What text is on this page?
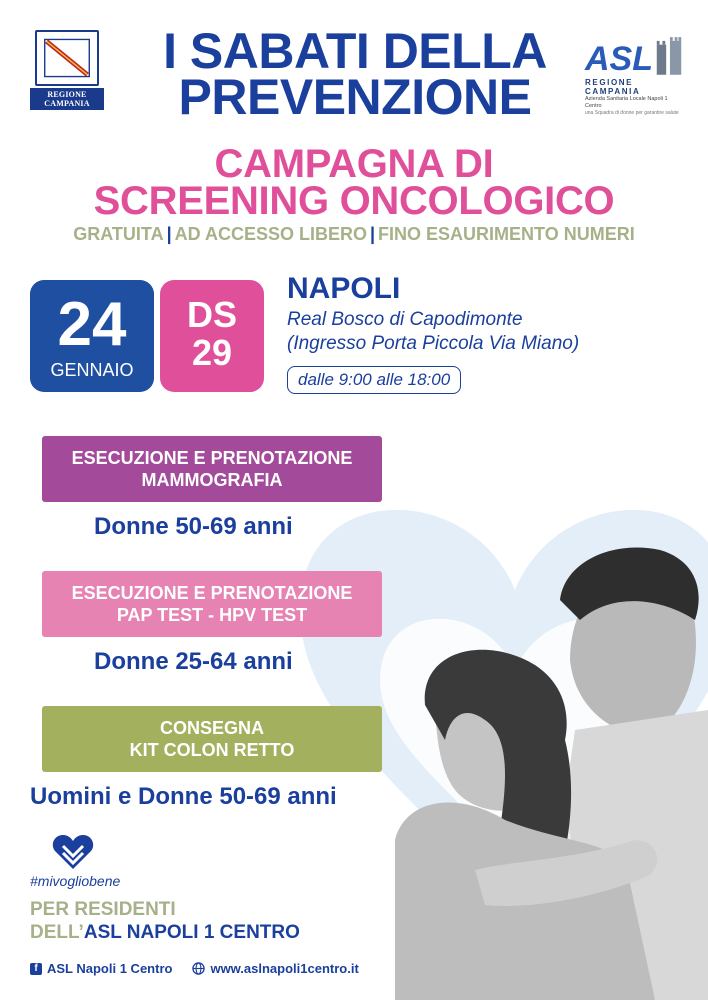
REGIONE CAMPANIA
ASL
REGIONE CAMPANIA
Azienda Sanitaria Locale Napoli 1 Centro
una Squadra di donne per garantire salute
I SABATI DELLA
PREVENZIONE
CAMPAGNA DI
SCREENING ONCOLOGICO
GRATUITA | AD ACCESSO LIBERO | FINO ESAURIMENTO NUMERI
24
GENNAIO
DS
29
NAPOLI
Real Bosco di Capodimonte
(Ingresso Porta Piccola Via Miano)
dalle 9:00 alle 18:00
ESECUZIONE E PRENOTAZIONE
MAMMOGRAFIA
Donne 50-69 anni
ESECUZIONE E PRENOTAZIONE
PAP TEST - HPV TEST
Donne 25-64 anni
CONSEGNA
KIT COLON RETTO
Uomini e Donne 50-69 anni
#mivogliobene
PER RESIDENTI
DELL’ASL NAPOLI 1 CENTRO
f ASL Napoli 1 Centro	www.aslnapoli1centro.it
